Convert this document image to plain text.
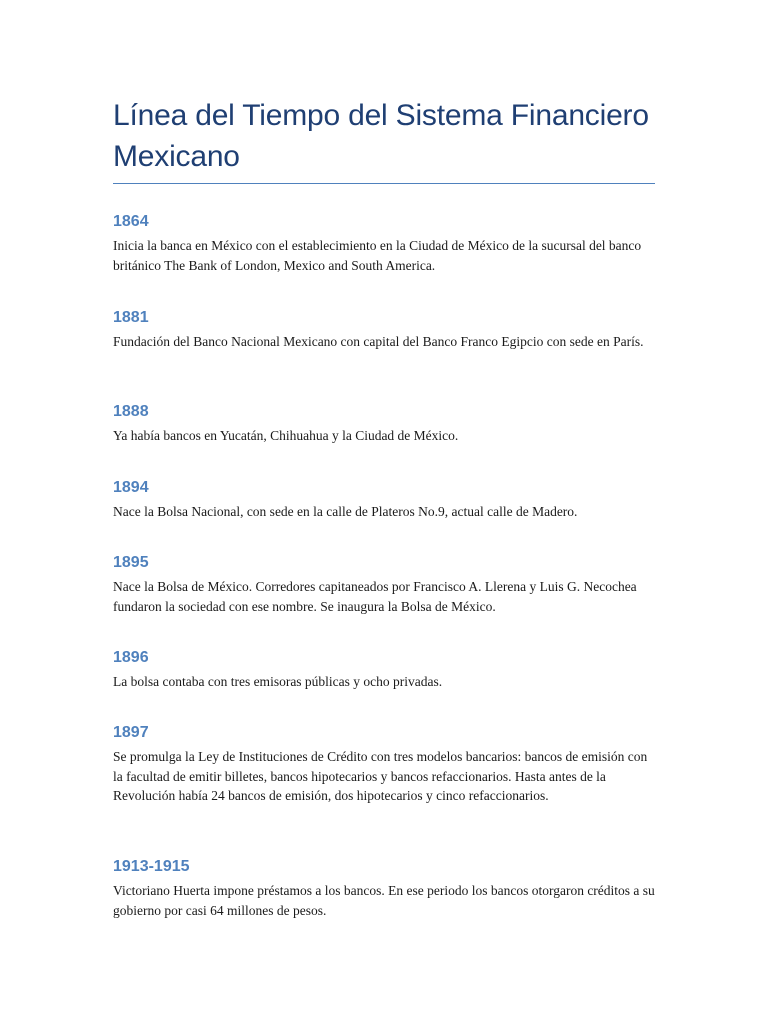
Línea del Tiempo del Sistema Financiero Mexicano
1864

Inicia la banca en México con el establecimiento en la Ciudad de México de la sucursal del banco británico The Bank of London, Mexico and South America.

1881

Fundación del Banco Nacional Mexicano con capital del Banco Franco Egipcio con sede en París.

1888

Ya había bancos en Yucatán, Chihuahua y la Ciudad de México.

1894

Nace la Bolsa Nacional, con sede en la calle de Plateros No.9, actual calle de Madero.

1895

Nace la Bolsa de México. Corredores capitaneados por Francisco A. Llerena y Luis G. Necochea fundaron la sociedad con ese nombre. Se inaugura la Bolsa de México.

1896

La bolsa contaba con tres emisoras públicas y ocho privadas.

1897

Se promulga la Ley de Instituciones de Crédito con tres modelos bancarios: bancos de emisión con la facultad de emitir billetes, bancos hipotecarios y bancos refaccionarios. Hasta antes de la Revolución había 24 bancos de emisión, dos hipotecarios y cinco refaccionarios.

1913-1915

Victoriano Huerta impone préstamos a los bancos. En ese periodo los bancos otorgaron créditos a su gobierno por casi 64 millones de pesos.
